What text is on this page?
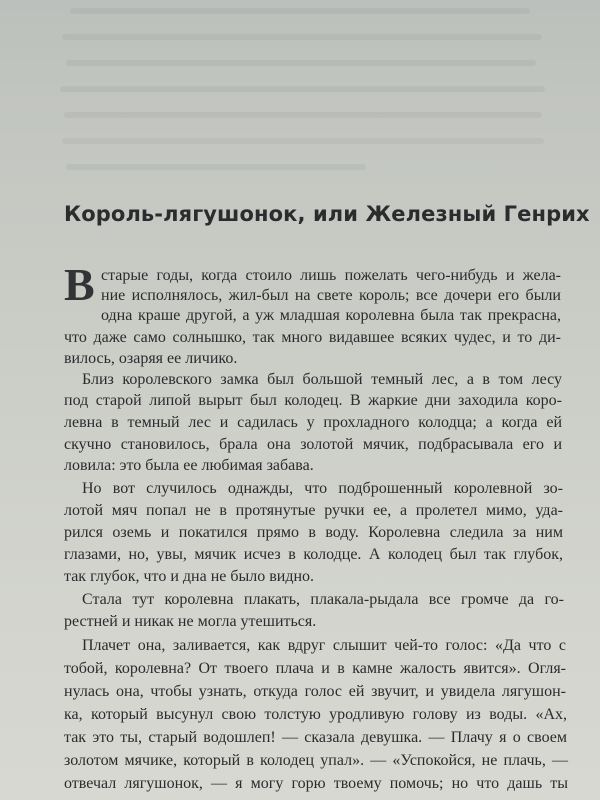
Король-лягушонок, или Железный Генрих
В старые годы, когда стоило лишь пожелать чего-нибудь и жела-

ние исполнялось, жил-был на свете король; все дочери его были

одна краше другой, а уж младшая королевна была так прекрасна,

что даже само солнышко, так много видавшее всяких чудес, и то ди-

вилось, озаряя ее личико.

Близ королевского замка был большой темный лес, а в том лесу

под старой липой вырыт был колодец. В жаркие дни заходила коро-

левна в темный лес и садилась у прохладного колодца; а когда ей

скучно становилось, брала она золотой мячик, подбрасывала его и

ловила: это была ее любимая забава.

Но вот случилось однажды, что подброшенный королевной зо-

лотой мяч попал не в протянутые ручки ее, а пролетел мимо, уда-

рился оземь и покатился прямо в воду. Королевна следила за ним

глазами, но, увы, мячик исчез в колодце. А колодец был так глубок,

так глубок, что и дна не было видно.

Стала тут королевна плакать, плакала-рыдала все громче да го-

рестней и никак не могла утешиться.

Плачет она, заливается, как вдруг слышит чей-то голос: «Да что с

тобой, королевна? От твоего плача и в камне жалость явится». Огля-

нулась она, чтобы узнать, откуда голос ей звучит, и увидела лягушон-

ка, который высунул свою толстую уродливую голову из воды. «Ах,

так это ты, старый водошлеп! — сказала девушка. — Плачу я о своем

золотом мячике, который в колодец упал». — «Успокойся, не плачь, —

отвечал лягушонок, — я могу горю твоему помочь; но что дашь ты
